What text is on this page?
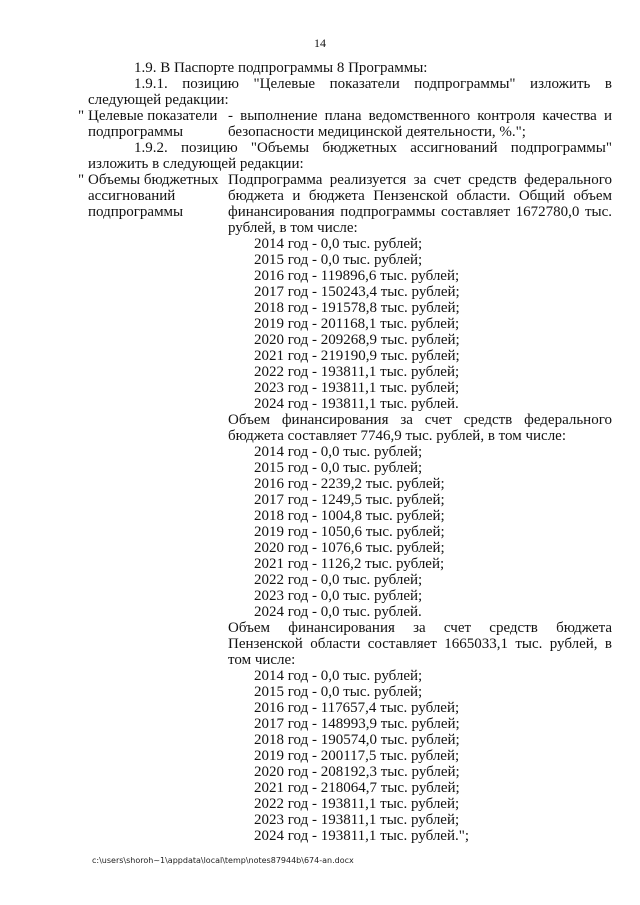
14

1.9. В Паспорте подпрограммы 8 Программы:

1.9.1. позицию "Целевые показатели подпрограммы" изложить в следующей редакции:

" Целевые показатели подпрограммы
- выполнение плана ведомственного контроля качества и безопасности медицинской деятельности, %.";

1.9.2. позицию "Объемы бюджетных ассигнований подпрограммы" изложить в следующей редакции:

" Объемы бюджетных ассигнований подпрограммы

Подпрограмма реализуется за счет средств федерального бюджета и бюджета Пензенской области. Общий объем финансирования подпрограммы составляет 1672780,0 тыс. рублей, в том числе:

2014 год - 0,0 тыс. рублей;

2015 год - 0,0 тыс. рублей;

2016 год - 119896,6 тыс. рублей;

2017 год - 150243,4 тыс. рублей;

2018 год - 191578,8 тыс. рублей;

2019 год - 201168,1 тыс. рублей;

2020 год - 209268,9 тыс. рублей;

2021 год - 219190,9 тыс. рублей;

2022 год - 193811,1 тыс. рублей;

2023 год - 193811,1 тыс. рублей;

2024 год - 193811,1 тыс. рублей.

Объем финансирования за счет средств федерального бюджета составляет 7746,9 тыс. рублей, в том числе:

2014 год - 0,0 тыс. рублей;

2015 год - 0,0 тыс. рублей;

2016 год - 2239,2 тыс. рублей;

2017 год - 1249,5 тыс. рублей;

2018 год - 1004,8 тыс. рублей;

2019 год - 1050,6 тыс. рублей;

2020 год - 1076,6 тыс. рублей;

2021 год - 1126,2 тыс. рублей;

2022 год - 0,0 тыс. рублей;

2023 год - 0,0 тыс. рублей;

2024 год - 0,0 тыс. рублей.

Объем финансирования за счет средств бюджета Пензенской области составляет 1665033,1 тыс. рублей, в том числе:

2014 год - 0,0 тыс. рублей;

2015 год - 0,0 тыс. рублей;

2016 год - 117657,4 тыс. рублей;

2017 год - 148993,9 тыс. рублей;

2018 год - 190574,0 тыс. рублей;

2019 год - 200117,5 тыс. рублей;

2020 год - 208192,3 тыс. рублей;

2021 год - 218064,7 тыс. рублей;

2022 год - 193811,1 тыс. рублей;

2023 год - 193811,1 тыс. рублей;

2024 год - 193811,1 тыс. рублей.";

c:\users\shoroh~1\appdata\local\temp\notes87944b\674-an.docx
